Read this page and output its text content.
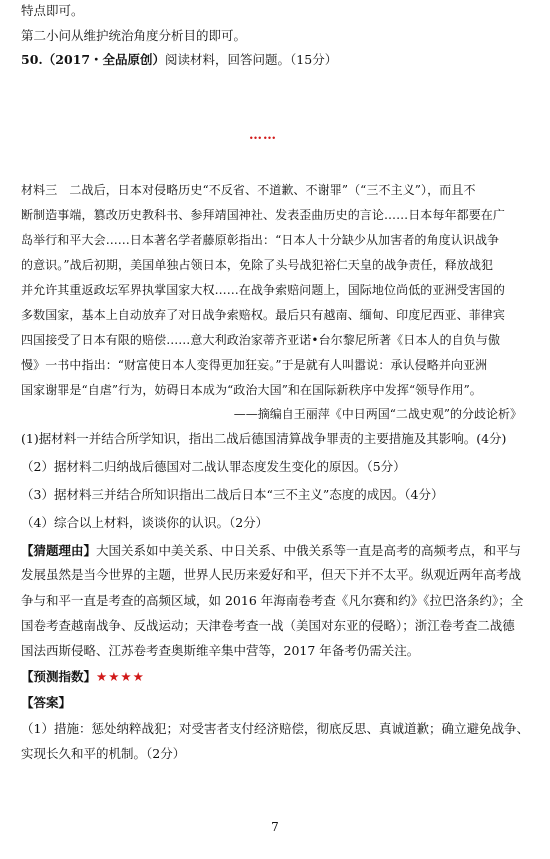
特点即可。
第二小问从维护统治角度分析目的即可。
50.（2017・全品原创）阅读材料，回答问题。（15分）
……
材料三　二战后，日本对侵略历史“不反省、不道歉、不谢罪”（“三不主义”），而且不
断制造事端，篡改历史教科书、参拜靖国神社、发表歪曲历史的言论……日本每年都要在广
岛举行和平大会……日本著名学者藤原彰指出：“日本人十分缺少从加害者的角度认识战争
的意识。”战后初期，美国单独占领日本，免除了头号战犯裕仁天皇的战争责任，释放战犯
并允许其重返政坛军界执掌国家大权……在战争索赔问题上，国际地位尚低的亚洲受害国的
多数国家，基本上自动放弃了对日战争索赔权。最后只有越南、缅甸、印度尼西亚、菲律宾
四国接受了日本有限的赔偿……意大利政治家蒂齐亚诺•台尔黎尼所著《日本人的自负与傲
慢》一书中指出：“财富使日本人变得更加狂妄。”于是就有人叫嚣说：承认侵略并向亚洲
国家谢罪是“自虐”行为，妨碍日本成为“政治大国”和在国际新秩序中发挥“领导作用”。
——摘编自王丽萍《中日两国“二战史观”的分歧论析》
(1)据材料一并结合所学知识，指出二战后德国清算战争罪责的主要措施及其影响。(4分)
（2）据材料二归纳战后德国对二战认罪态度发生变化的原因。（5分）
（3）据材料三并结合所知识指出二战后日本“三不主义”态度的成因。（4分）
（4）综合以上材料，谈谈你的认识。（2分）
【猜题理由】大国关系如中美关系、中日关系、中俄关系等一直是高考的高频考点，和平与
发展虽然是当今世界的主题，世界人民历来爱好和平，但天下并不太平。纵观近两年高考战
争与和平一直是考查的高频区域，如 2016 年海南卷考查《凡尔赛和约》《拉巴洛条约》；全
国卷考查越南战争、反战运动；天津卷考查一战（美国对东亚的侵略）；浙江卷考查二战德
国法西斯侵略、江苏卷考查奥斯维辛集中营等，2017 年备考仍需关注。
【预测指数】★★★★
【答案】
（1）措施：惩处纳粹战犯；对受害者支付经济赔偿，彻底反思、真诚道歉；确立避免战争、
实现长久和平的机制。（2分）
7
